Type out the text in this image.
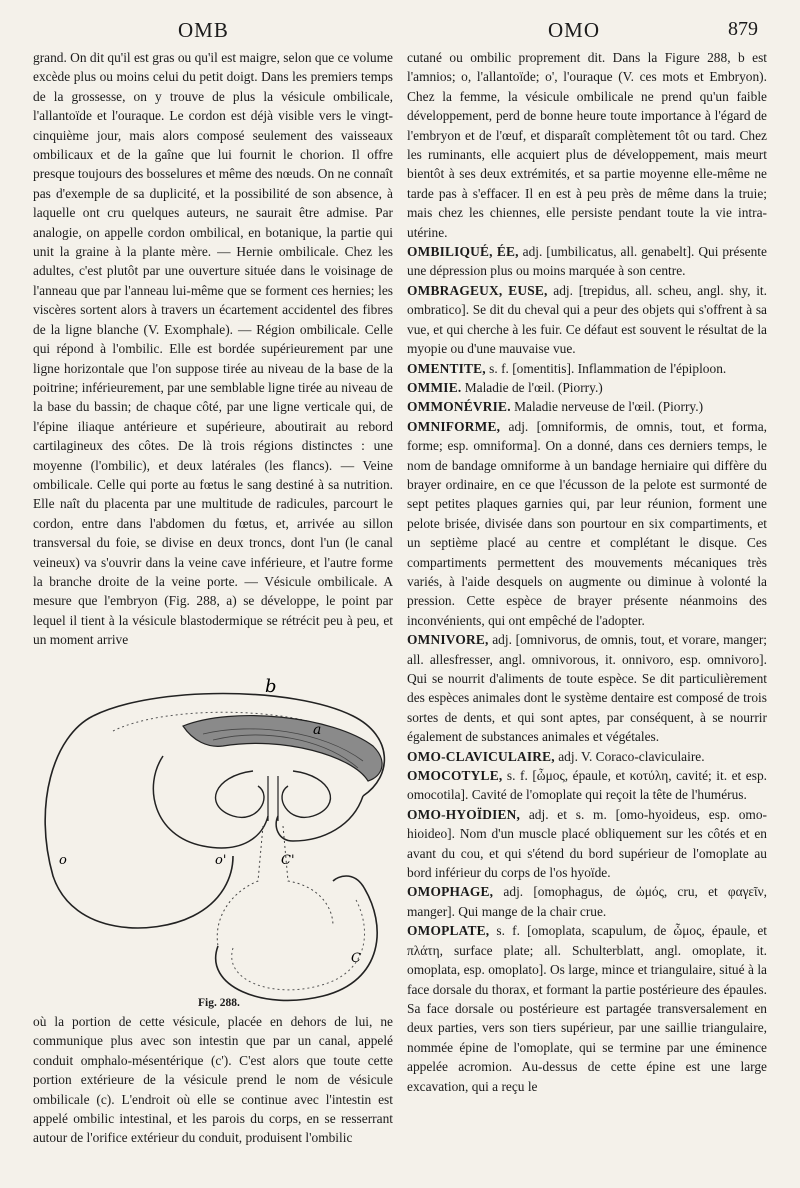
OMB	OMO	879

grand. On dit qu'il est gras ou qu'il est maigre, selon que ce volume excède plus ou moins celui du petit doigt. Dans les premiers temps de la grossesse, on y trouve de plus la vésicule ombilicale, l'allantoïde et l'ouraque. Le cordon est déjà visible vers le vingt-cinquième jour, mais alors composé seulement des vaisseaux ombilicaux et de la gaîne que lui fournit le chorion. Il offre presque toujours des bosselures et même des nœuds. On ne connaît pas d'exemple de sa duplicité, et la possibilité de son absence, à laquelle ont cru quelques auteurs, ne saurait être admise. Par analogie, on appelle cordon ombilical, en botanique, la partie qui unit la graine à la plante mère. — Hernie ombilicale. Chez les adultes, c'est plutôt par une ouverture située dans le voisinage de l'anneau que par l'anneau lui-même que se forment ces hernies; les viscères sortent alors à travers un écartement accidentel des fibres de la ligne blanche (V. Exomphale). — Région ombilicale. Celle qui répond à l'ombilic. Elle est bordée supérieurement par une ligne horizontale que l'on suppose tirée au niveau de la base de la poitrine; inférieurement, par une semblable ligne tirée au niveau de la base du bassin; de chaque côté, par une ligne verticale qui, de l'épine iliaque antérieure et supérieure, aboutirait au rebord cartilagineux des côtes. De là trois régions distinctes : une moyenne (l'ombilic), et deux latérales (les flancs). — Veine ombilicale. Celle qui porte au fœtus le sang destiné à sa nutrition. Elle naît du placenta par une multitude de radicules, parcourt le cordon, entre dans l'abdomen du fœtus, et, arrivée au sillon transversal du foie, se divise en deux troncs, dont l'un (le canal veineux) va s'ouvrir dans la veine cave inférieure, et l'autre forme la branche droite de la veine porte. — Vésicule ombilicale. A mesure que l'embryon (Fig. 288, a) se développe, le point par lequel il tient à la vésicule blastodermique se rétrécit peu à peu, et un moment arrive

b
a
o	o'	C'
C
Fig. 288.

où la portion de cette vésicule, placée en dehors de lui, ne communique plus avec son intestin que par un canal, appelé conduit omphalo-mésentérique (c'). C'est alors que toute cette portion extérieure de la vésicule prend le nom de vésicule ombilicale (c). L'endroit où elle se continue avec l'intestin est appelé ombilic intestinal, et les parois du corps, en se resserrant autour de l'orifice extérieur du conduit, produisent l'ombilic

cutané ou ombilic proprement dit. Dans la Figure 288, b est l'amnios; o, l'allantoïde; o', l'ouraque (V. ces mots et Embryon). Chez la femme, la vésicule ombilicale ne prend qu'un faible développement, perd de bonne heure toute importance à l'égard de l'embryon et de l'œuf, et disparaît complètement tôt ou tard. Chez les ruminants, elle acquiert plus de développement, mais meurt bientôt à ses deux extrémités, et sa partie moyenne elle-même ne tarde pas à s'effacer. Il en est à peu près de même dans la truie; mais chez les chiennes, elle persiste pendant toute la vie intra-utérine.

OMBILIQUÉ, ÉE, adj. [umbilicatus, all. genabelt]. Qui présente une dépression plus ou moins marquée à son centre.

OMBRAGEUX, EUSE, adj. [trepidus, all. scheu, angl. shy, it. ombratico]. Se dit du cheval qui a peur des objets qui s'offrent à sa vue, et qui cherche à les fuir. Ce défaut est souvent le résultat de la myopie ou d'une mauvaise vue.

OMENTITE, s. f. [omentitis]. Inflammation de l'épiploon.

OMMIE. Maladie de l'œil. (Piorry.)

OMMONÉVRIE. Maladie nerveuse de l'œil. (Piorry.)

OMNIFORME, adj. [omniformis, de omnis, tout, et forma, forme; esp. omniforma]. On a donné, dans ces derniers temps, le nom de bandage omniforme à un bandage herniaire qui diffère du brayer ordinaire, en ce que l'écusson de la pelote est surmonté de sept petites plaques garnies qui, par leur réunion, forment une pelote brisée, divisée dans son pourtour en six compartiments, et un septième placé au centre et complétant le disque. Ces compartiments permettent des mouvements mécaniques très variés, à l'aide desquels on augmente ou diminue à volonté la pression. Cette espèce de brayer présente néanmoins des inconvénients, qui ont empêché de l'adopter.

OMNIVORE, adj. [omnivorus, de omnis, tout, et vorare, manger; all. allesfresser, angl. omnivorous, it. onnivoro, esp. omnivoro]. Qui se nourrit d'aliments de toute espèce. Se dit particulièrement des espèces animales dont le système dentaire est composé de trois sortes de dents, et qui sont aptes, par conséquent, à se nourrir également de substances animales et végétales.

OMO-CLAVICULAIRE, adj. V. Coraco-claviculaire.

OMOCOTYLE, s. f. [ὦμος, épaule, et κοτύλη, cavité; it. et esp. omocotila]. Cavité de l'omoplate qui reçoit la tête de l'humérus.

OMO-HYOÏDIEN, adj. et s. m. [omo-hyoideus, esp. omo-hioideo]. Nom d'un muscle placé obliquement sur les côtés et en avant du cou, et qui s'étend du bord supérieur de l'omoplate au bord inférieur du corps de l'os hyoïde.

OMOPHAGE, adj. [omophagus, de ὠμός, cru, et φαγεῖν, manger]. Qui mange de la chair crue.

OMOPLATE, s. f. [omoplata, scapulum, de ὦμος, épaule, et πλάτη, surface plate; all. Schulterblatt, angl. omoplate, it. omoplata, esp. omoplato]. Os large, mince et triangulaire, situé à la face dorsale du thorax, et formant la partie postérieure des épaules. Sa face dorsale ou postérieure est partagée transversalement en deux parties, vers son tiers supérieur, par une saillie triangulaire, nommée épine de l'omoplate, qui se termine par une éminence appelée acromion. Au-dessus de cette épine est une large excavation, qui a reçu le
